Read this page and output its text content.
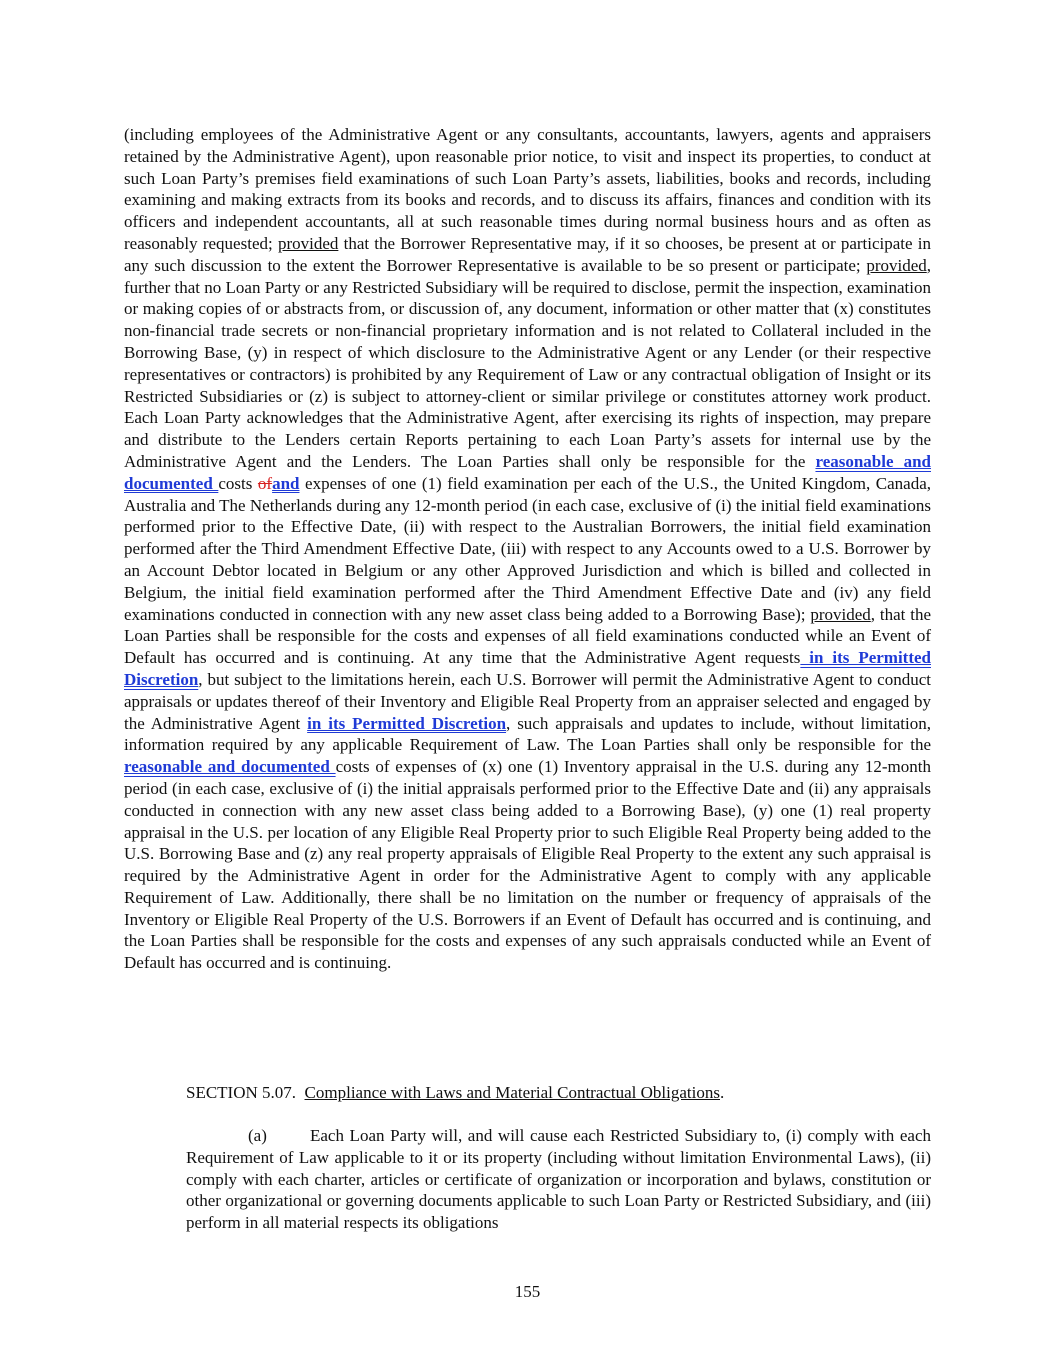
(including employees of the Administrative Agent or any consultants, accountants, lawyers, agents and appraisers retained by the Administrative Agent), upon reasonable prior notice, to visit and inspect its properties, to conduct at such Loan Party’s premises field examinations of such Loan Party’s assets, liabilities, books and records, including examining and making extracts from its books and records, and to discuss its affairs, finances and condition with its officers and independent accountants, all at such reasonable times during normal business hours and as often as reasonably requested; provided that the Borrower Representative may, if it so chooses, be present at or participate in any such discussion to the extent the Borrower Representative is available to be so present or participate; provided, further that no Loan Party or any Restricted Subsidiary will be required to disclose, permit the inspection, examination or making copies of or abstracts from, or discussion of, any document, information or other matter that (x) constitutes non-financial trade secrets or non-financial proprietary information and is not related to Collateral included in the Borrowing Base, (y) in respect of which disclosure to the Administrative Agent or any Lender (or their respective representatives or contractors) is prohibited by any Requirement of Law or any contractual obligation of Insight or its Restricted Subsidiaries or (z) is subject to attorney-client or similar privilege or constitutes attorney work product. Each Loan Party acknowledges that the Administrative Agent, after exercising its rights of inspection, may prepare and distribute to the Lenders certain Reports pertaining to each Loan Party’s assets for internal use by the Administrative Agent and the Lenders. The Loan Parties shall only be responsible for the reasonable and documented costs ofand expenses of one (1) field examination per each of the U.S., the United Kingdom, Canada, Australia and The Netherlands during any 12-month period (in each case, exclusive of (i) the initial field examinations performed prior to the Effective Date, (ii) with respect to the Australian Borrowers, the initial field examination performed after the Third Amendment Effective Date, (iii) with respect to any Accounts owed to a U.S. Borrower by an Account Debtor located in Belgium or any other Approved Jurisdiction and which is billed and collected in Belgium, the initial field examination performed after the Third Amendment Effective Date and (iv) any field examinations conducted in connection with any new asset class being added to a Borrowing Base); provided, that the Loan Parties shall be responsible for the costs and expenses of all field examinations conducted while an Event of Default has occurred and is continuing. At any time that the Administrative Agent requests in its Permitted Discretion, but subject to the limitations herein, each U.S. Borrower will permit the Administrative Agent to conduct appraisals or updates thereof of their Inventory and Eligible Real Property from an appraiser selected and engaged by the Administrative Agent in its Permitted Discretion, such appraisals and updates to include, without limitation, information required by any applicable Requirement of Law. The Loan Parties shall only be responsible for the reasonable and documented costs of expenses of (x) one (1) Inventory appraisal in the U.S. during any 12-month period (in each case, exclusive of (i) the initial appraisals performed prior to the Effective Date and (ii) any appraisals conducted in connection with any new asset class being added to a Borrowing Base), (y) one (1) real property appraisal in the U.S. per location of any Eligible Real Property prior to such Eligible Real Property being added to the U.S. Borrowing Base and (z) any real property appraisals of Eligible Real Property to the extent any such appraisal is required by the Administrative Agent in order for the Administrative Agent to comply with any applicable Requirement of Law. Additionally, there shall be no limitation on the number or frequency of appraisals of the Inventory or Eligible Real Property of the U.S. Borrowers if an Event of Default has occurred and is continuing, and the Loan Parties shall be responsible for the costs and expenses of any such appraisals conducted while an Event of Default has occurred and is continuing.

SECTION 5.07. Compliance with Laws and Material Contractual Obligations.
(a)	Each Loan Party will, and will cause each Restricted Subsidiary to, (i) comply with each Requirement of Law applicable to it or its property (including without limitation Environmental Laws), (ii) comply with each charter, articles or certificate of organization or incorporation and bylaws, constitution or other organizational or governing documents applicable to such Loan Party or Restricted Subsidiary, and (iii) perform in all material respects its obligations
155
